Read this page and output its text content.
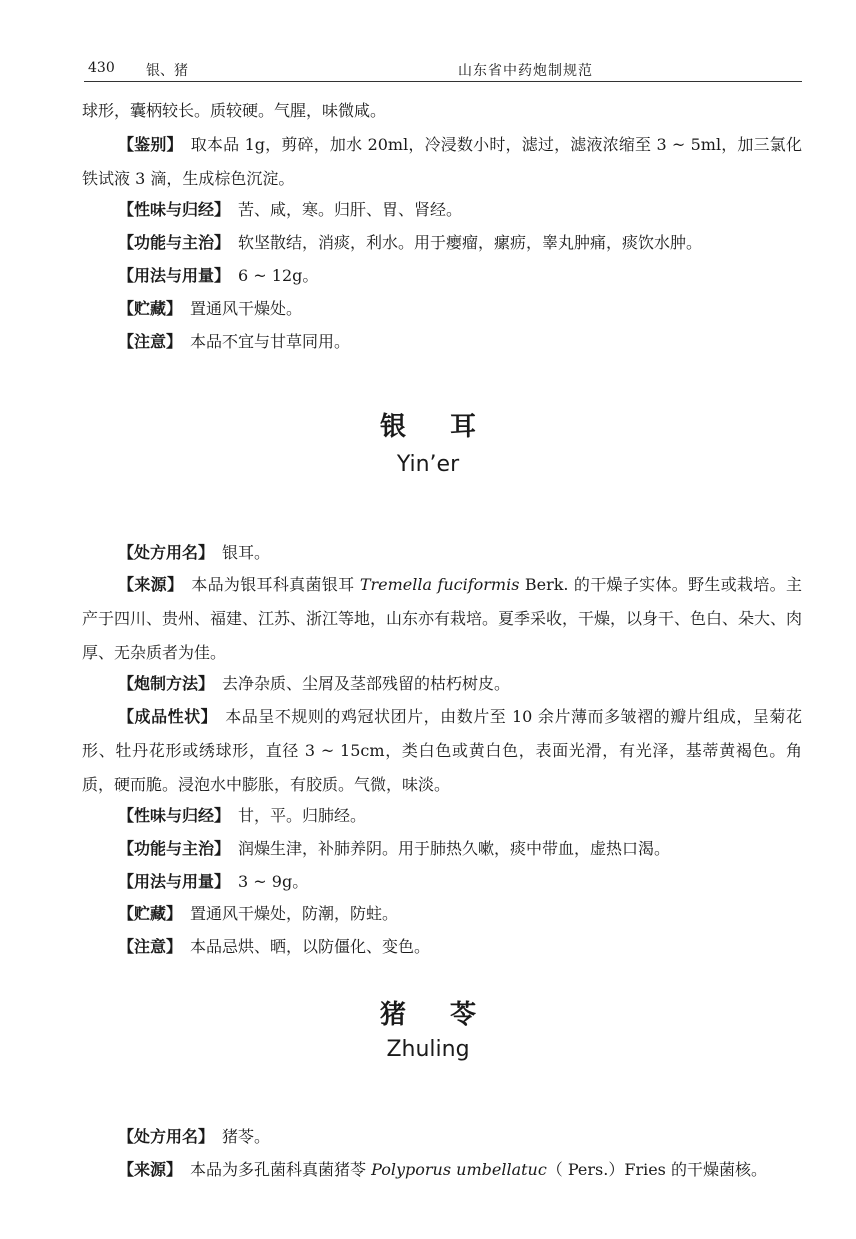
430 银、猪	山东省中药炮制规范

球形，囊柄较长。质较硬。气腥，味微咸。

【鉴别】 取本品 1g，剪碎，加水 20ml，冷浸数小时，滤过，滤液浓缩至 3 ~ 5ml，加三氯化铁试液 3 滴，生成棕色沉淀。

【性味与归经】 苦、咸，寒。归肝、胃、肾经。

【功能与主治】 软坚散结，消痰，利水。用于瘿瘤，瘰疬，睾丸肿痛，痰饮水肿。

【用法与用量】 6 ~ 12g。

【贮藏】 置通风干燥处。

【注意】 本品不宜与甘草同用。

银耳
Yin’er

【处方用名】 银耳。

【来源】 本品为银耳科真菌银耳 Tremella fuciformis Berk. 的干燥子实体。野生或栽培。主产于四川、贵州、福建、江苏、浙江等地，山东亦有栽培。夏季采收，干燥，以身干、色白、朵大、肉厚、无杂质者为佳。

【炮制方法】 去净杂质、尘屑及茎部残留的枯朽树皮。

【成品性状】 本品呈不规则的鸡冠状团片，由数片至 10 余片薄而多皱褶的瓣片组成，呈菊花形、牡丹花形或绣球形，直径 3 ~ 15cm，类白色或黄白色，表面光滑，有光泽，基蒂黄褐色。角质，硬而脆。浸泡水中膨胀，有胶质。气微，味淡。

【性味与归经】 甘，平。归肺经。

【功能与主治】 润燥生津，补肺养阴。用于肺热久嗽，痰中带血，虚热口渴。

【用法与用量】 3 ~ 9g。

【贮藏】 置通风干燥处，防潮，防蛀。

【注意】 本品忌烘、晒，以防僵化、变色。

猪苓
Zhuling

【处方用名】 猪苓。

【来源】 本品为多孔菌科真菌猪苓 Polyporus umbellatuc（ Pers.）Fries 的干燥菌核。
